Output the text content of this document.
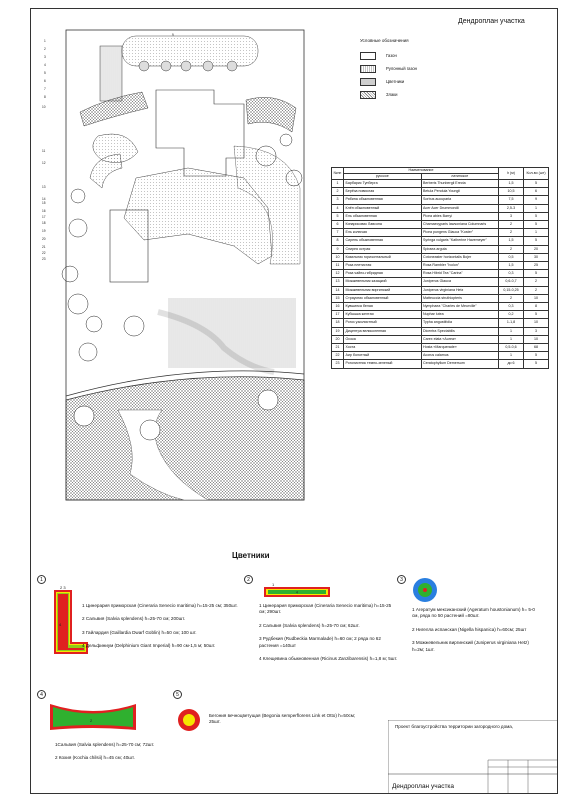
Дендроплан участка
1
2
3
4
5
6
7
8
10
11
12
13
14
15
16
17
18
19
20
21
22
23
9
Условные обозначения
Газон
Рулонный газон
Цветники
Злаки
№пп	Наименование		h (м)	Кол-во (шт)
	русское	латинское		
1	Барбарис Тунберга	Berberis Thunbergii Erecta	1,5	5
2	Берёза повислая	Betula Pendula Youngii	10,5	6
3	Рябина обыкновенная	Sorbus aucuparia	7,5	9
4	Клён обыкновенный	Acer Acer Drummondii	2,5-3	1
5	Ель обыкновенная	Picea abies Barryi	3	5
6	Кипарисовик Лавсона	Chamaecyparis lawsoniana Columnaris	2	5
7	Ель колючая	Picea pungens Glauca "Koster"	2	1
8	Сирень обыкновенная	Syringa vulgaris "Katherine Havemeyer"	1,5	5
9	Спирея острая	Spiraea arguta	2	20
10	Кизильник горизонтальный	Cotoneaster horizontalis Bojer	0,5	30
11	Роза плетистая	Rosa Rambler "Ivolon"	1,5	25
12	Роза чайно-гибридная	Rosa Hibrid Tea "Carina"	0,3	5
13	Можжевельник казацкий	Juniperus Glauca	0,6-0,7	2
14	Можжевельник виргинский	Juniperus virginiana Hetz	0,15-0,25	2
15	Страусник обыкновенный	Matteuccia struthiopteris	2	10
16	Кувшинка белая	Nymphaea "Charles de Meurville"	0,3	8
17	Кубышка желтая	Nuphar lutea	0,2	5
18	Рогоз узколистный	Typha angustifolia	1-1,8	10
19	Дицентра великолепная	Dicentra Spectabilis	1	3
20	Осока	Carex elata «Aurea»	1	10
21	Хоста	Hosta «Marquerade»	0,5-0,6	68
22	Аир болотный	Acorus calamus	1	5
23	Роголистник темно-зеленый	Ceratophyllum Demersum	до 6	5
Цветники
1
2 3
4
1 Цинерария приморская (Cineraria Senecio maritima) h=15-25 см; 350шт.
2 Сальвия (Salvia splendens) h=25-70 см; 200шт.
3 Гайлардия (Gaillardia Dwarf Goblin) h=50 см; 100 шт.
4 Дельфиниум (Delphinium Giant Imperial) h=90 см-1,5 м; 50шт.
2
1
4
1 Цинерария приморская (Cineraria Senecio maritima) h=15-25 см; 290шт.
2 Сальвия (Salvia splendens) h=25-70 см; 62шт.
3 Рудбекия (Rudbeckia Marmalade) h=60 см; 2 ряда по 62 растения =140шт
4 Клещевина обыкновенная (Ricinus Zanzibarensis) h=1,8 м; 5шт.
3
1 Агератум мексиканский (Ageratum houstonianum) h= 5-0 см, ряда по 50 растений =80шт.
2 Нигелла испанская (Nigella hispanica) h=60см; 25шт
3 Можжевельник виргинский (Juniperus virginiana Hetz) h=2м; 1шт.
4
2
1Сальвия (Salvia splendens) h=25-70 см; 72шт.
2 Кохия (Kochia chilsii) h=45 см; 40шт.
5
Бегония вечноцветущая (Begonia semperflorens Link et Otto) h=50см; 25шт.
Проект благоустройства территории загородного дома,
Дендроплан участка
